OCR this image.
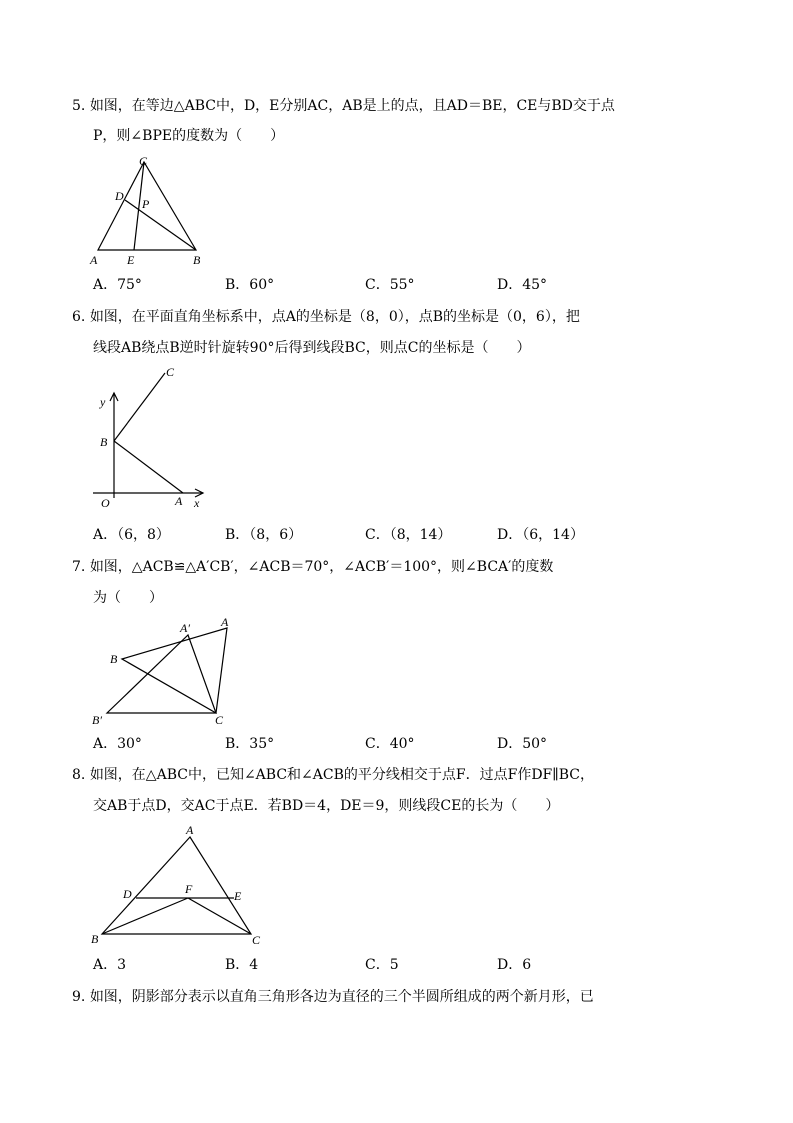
5. 如图，在等边△ABC中，D，E分别AC，AB是上的点，且AD＝BE，CE与BD交于点
P，则∠BPE的度数为（　　）
C
D
P
A E	B
A．75°	B．60°	C．55°	D．45°
6. 如图，在平面直角坐标系中，点A的坐标是（8，0），点B的坐标是（0，6），把
线段AB绕点B逆时针旋转90°后得到线段BC，则点C的坐标是（　　）
C
y
B
O	A x
A．（6，8）	B．（8，6）	C．（8，14）	D．（6，14）
7. 如图，△ACB≌△A′CB′，∠ACB＝70°，∠ACB′＝100°，则∠BCA′的度数
为（　　）
A′	A
B
B′	C
A．30°	B．35°	C．40°	D．50°
8. 如图，在△ABC中，已知∠ABC和∠ACB的平分线相交于点F．过点F作DF∥BC，
交AB于点D，交AC于点E．若BD＝4，DE＝9，则线段CE的长为（　　）
A
D	F	E
B	C
A．3	B．4	C．5	D．6
9. 如图，阴影部分表示以直角三角形各边为直径的三个半圆所组成的两个新月形，已
